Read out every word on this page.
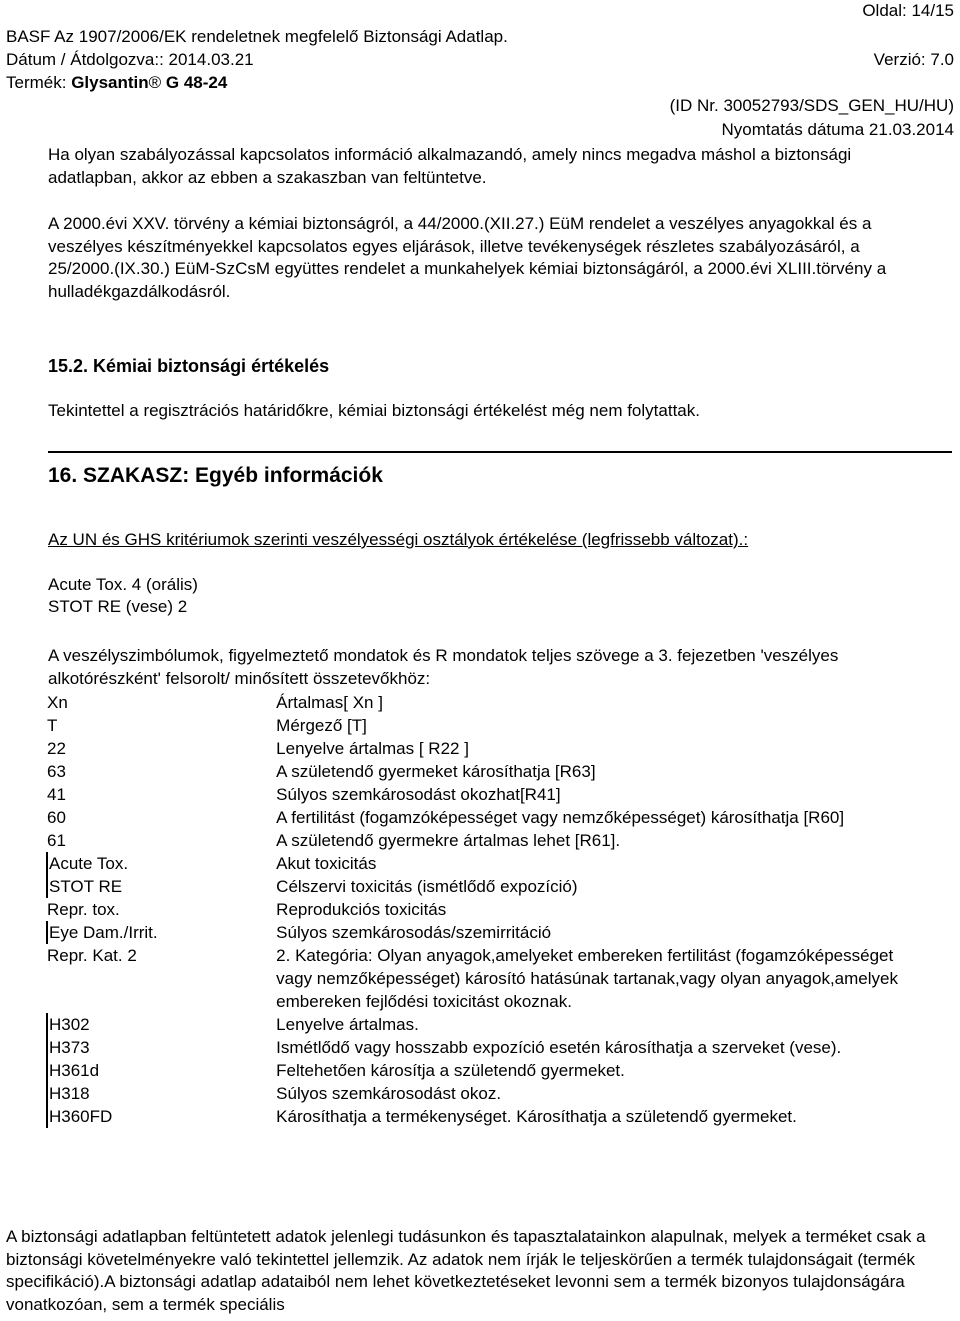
Oldal: 14/15
BASF Az 1907/2006/EK rendeletnek megfelelő Biztonsági Adatlap.
Dátum / Átdolgozva:: 2014.03.21	Verzió: 7.0
Termék: Glysantin® G 48-24
(ID Nr. 30052793/SDS_GEN_HU/HU)
Nyomtatás dátuma 21.03.2014

Ha olyan szabályozással kapcsolatos információ alkalmazandó, amely nincs megadva máshol a biztonsági adatlapban, akkor az ebben a szakaszban van feltüntetve.

A 2000.évi XXV. törvény a kémiai biztonságról, a 44/2000.(XII.27.) EüM rendelet a veszélyes anyagokkal és a veszélyes készítményekkel kapcsolatos egyes eljárások, illetve tevékenységek részletes szabályozásáról, a 25/2000.(IX.30.) EüM-SzCsM együttes rendelet a munkahelyek kémiai biztonságáról, a 2000.évi XLIII.törvény a hulladékgazdálkodásról.

15.2. Kémiai biztonsági értékelés

Tekintettel a regisztrációs határidőkre, kémiai biztonsági értékelést még nem folytattak.

16. SZAKASZ: Egyéb információk

Az UN és GHS kritériumok szerinti veszélyességi osztályok értékelése (legfrissebb változat).:

Acute Tox. 4 (orális)

STOT RE (vese) 2

A veszélyszimbólumok, figyelmeztető mondatok és R mondatok teljes szövege a 3. fejezetben 'veszélyes alkotórészként' felsorolt/ minősített összetevőkhöz:

Xn	Ártalmas[ Xn ]
T	Mérgező [T]
22	Lenyelve ártalmas [ R22 ]
63	A születendő gyermeket károsíthatja [R63]
41	Súlyos szemkárosodást okozhat[R41]
60	A fertilitást (fogamzóképességet vagy nemzőképességet) károsíthatja [R60]
61	A születendő gyermekre ártalmas lehet [R61].
Acute Tox.	Akut toxicitás
STOT RE	Célszervi toxicitás (ismétlődő expozíció)
Repr. tox.	Reprodukciós toxicitás
Eye Dam./Irrit.	Súlyos szemkárosodás/szemirritáció
Repr. Kat. 2	2. Kategória: Olyan anyagok,amelyeket embereken fertilitást (fogamzóképességet vagy nemzőképességet) károsító hatásúnak tartanak,vagy olyan anyagok,amelyek embereken fejlődési toxicitást okoznak.
H302	Lenyelve ártalmas.
H373	Ismétlődő vagy hosszabb expozíció esetén károsíthatja a szerveket (vese).
H361d	Feltehetően károsítja a születendő gyermeket.
H318	Súlyos szemkárosodást okoz.
H360FD	Károsíthatja a termékenységet. Károsíthatja a születendő gyermeket.

A biztonsági adatlapban feltüntetett adatok jelenlegi tudásunkon és tapasztalatainkon alapulnak, melyek a terméket csak a biztonsági követelményekre való tekintettel jellemzik. Az adatok nem írják le teljeskörűen a termék tulajdonságait (termék specifikáció).A biztonsági adatlap adataiból nem lehet következtetéseket levonni sem a termék bizonyos tulajdonságára vonatkozóan, sem a termék speciális
